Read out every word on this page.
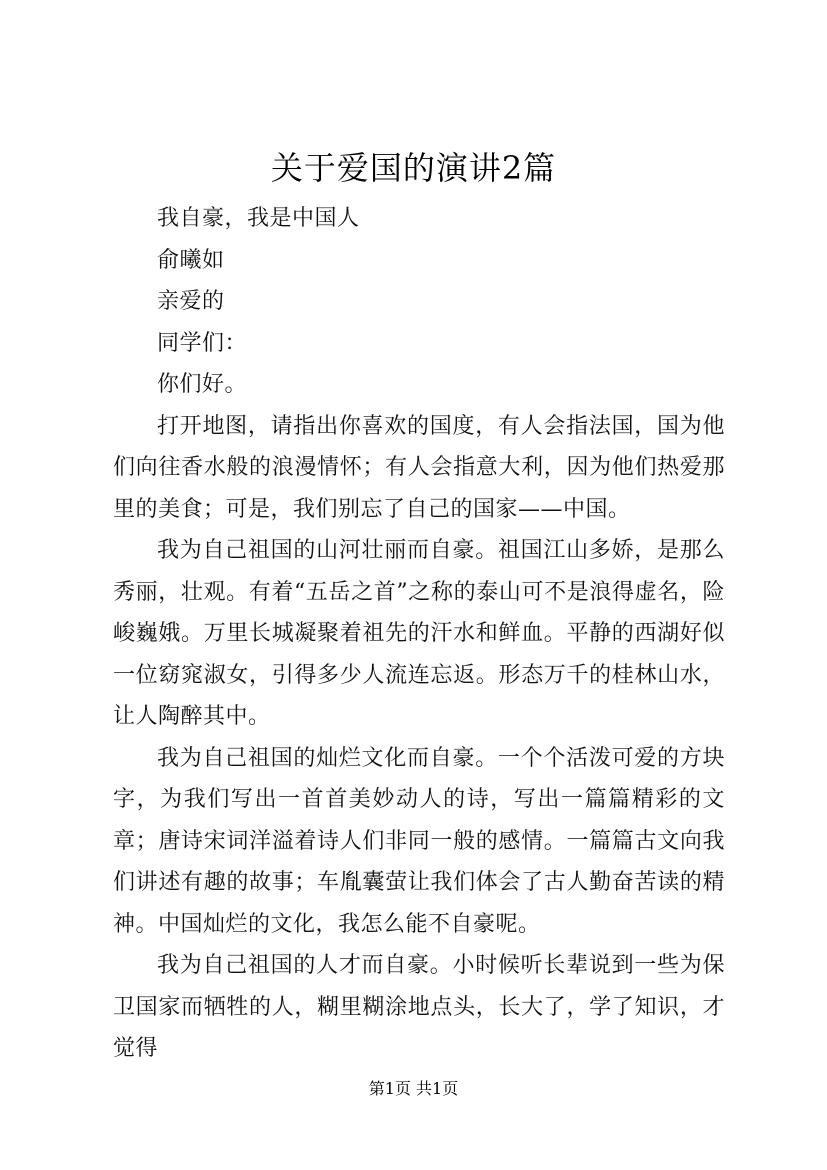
关于爱国的演讲2篇
我自豪，我是中国人
俞曦如
亲爱的
同学们：
你们好。

打开地图，请指出你喜欢的国度，有人会指法国，国为他们向往香水般的浪漫情怀；有人会指意大利，因为他们热爱那里的美食；可是，我们别忘了自己的国家——中国。

我为自己祖国的山河壮丽而自豪。祖国江山多娇，是那么秀丽，壮观。有着“五岳之首”之称的泰山可不是浪得虚名，险峻巍娥。万里长城凝聚着祖先的汗水和鲜血。平静的西湖好似一位窈窕淑女，引得多少人流连忘返。形态万千的桂林山水，让人陶醉其中。

我为自己祖国的灿烂文化而自豪。一个个活泼可爱的方块字，为我们写出一首首美妙动人的诗，写出一篇篇精彩的文章；唐诗宋词洋溢着诗人们非同一般的感情。一篇篇古文向我们讲述有趣的故事；车胤囊萤让我们体会了古人勤奋苦读的精神。中国灿烂的文化，我怎么能不自豪呢。

我为自己祖国的人才而自豪。小时候听长辈说到一些为保卫国家而牺牲的人，糊里糊涂地点头，长大了，学了知识，才觉得

第1页 共1页
